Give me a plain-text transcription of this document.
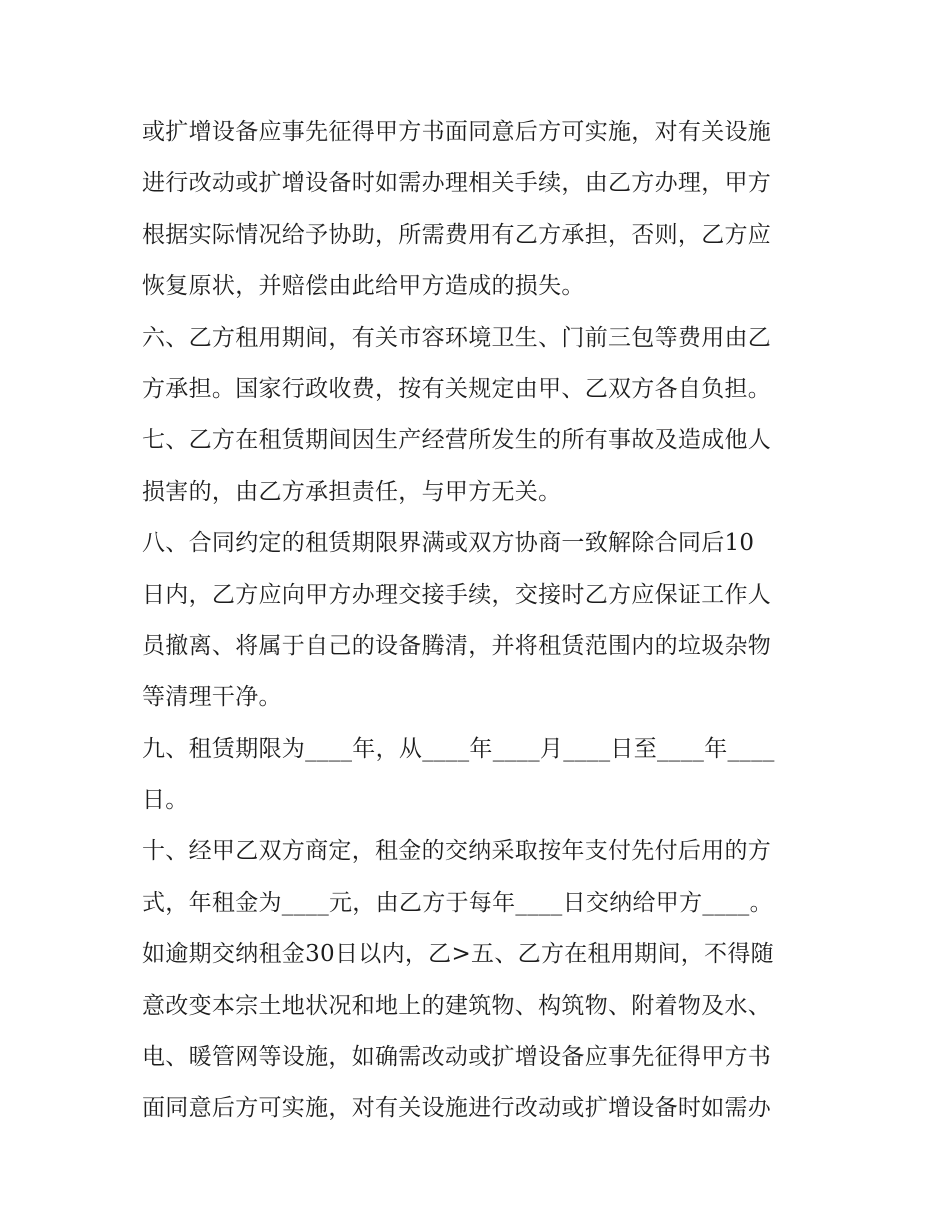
或扩增设备应事先征得甲方书面同意后方可实施，对有关设施
进行改动或扩增设备时如需办理相关手续，由乙方办理，甲方
根据实际情况给予协助，所需费用有乙方承担，否则，乙方应
恢复原状，并赔偿由此给甲方造成的损失。
六、乙方租用期间，有关市容环境卫生、门前三包等费用由乙
方承担。国家行政收费，按有关规定由甲、乙双方各自负担。
七、乙方在租赁期间因生产经营所发生的所有事故及造成他人
损害的，由乙方承担责任，与甲方无关。
八、合同约定的租赁期限界满或双方协商一致解除合同后10
日内，乙方应向甲方办理交接手续，交接时乙方应保证工作人
员撤离、将属于自己的设备腾清，并将租赁范围内的垃圾杂物
等清理干净。
九、租赁期限为____年，从____年____月____日至____年____
日。
十、经甲乙双方商定，租金的交纳采取按年支付先付后用的方
式，年租金为____元，由乙方于每年____日交纳给甲方____。
如逾期交纳租金30日以内，乙>五、乙方在租用期间，不得随
意改变本宗土地状况和地上的建筑物、构筑物、附着物及水、
电、暖管网等设施，如确需改动或扩增设备应事先征得甲方书
面同意后方可实施，对有关设施进行改动或扩增设备时如需办
